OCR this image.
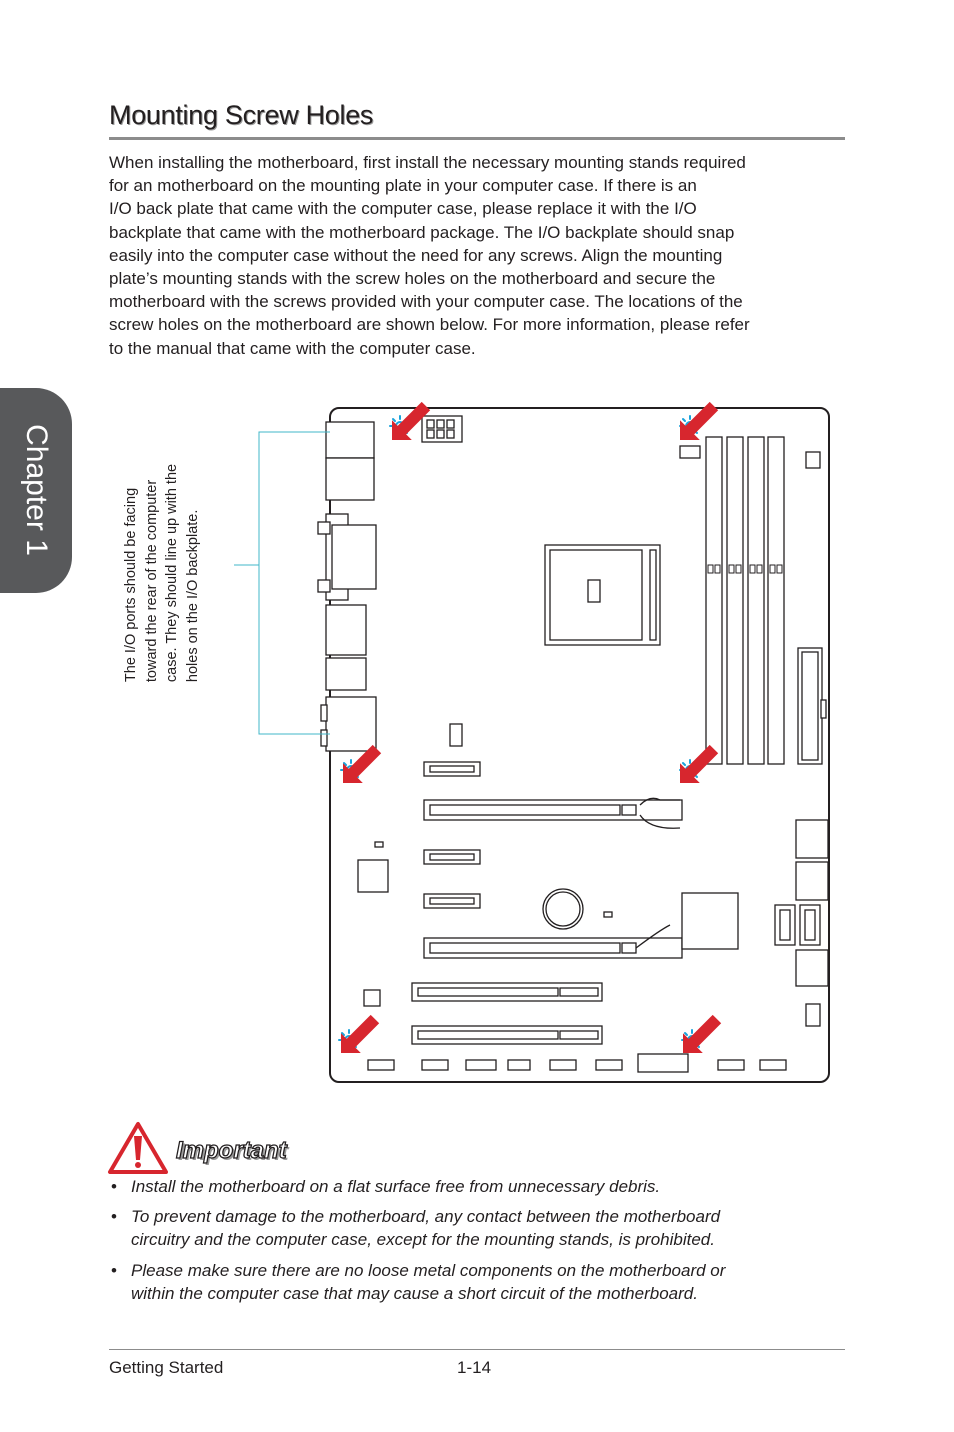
Chapter 1
Mounting Screw Holes

When installing the motherboard, first install the necessary mounting stands required
for an motherboard on the mounting plate in your computer case. If there is an
I/O back plate that came with the computer case, please replace it with the I/O
backplate that came with the motherboard package. The I/O backplate should snap
easily into the computer case without the need for any screws. Align the mounting
plate’s mounting stands with the screw holes on the motherboard and secure the
motherboard with the screws provided with your computer case. The locations of the
screw holes on the motherboard are shown below. For more information, please refer
to the manual that came with the computer case.

The I/O ports should be facing toward the rear of the computer case. They should line up with the holes on the I/O backplate.
Important
• Install the motherboard on a flat surface free from unnecessary debris.
• To prevent damage to the motherboard, any contact between the motherboard
circuitry and the computer case, except for the mounting stands, is prohibited.
• Please make sure there are no loose metal components on the motherboard or
within the computer case that may cause a short circuit of the motherboard.
Getting Started	1-14
